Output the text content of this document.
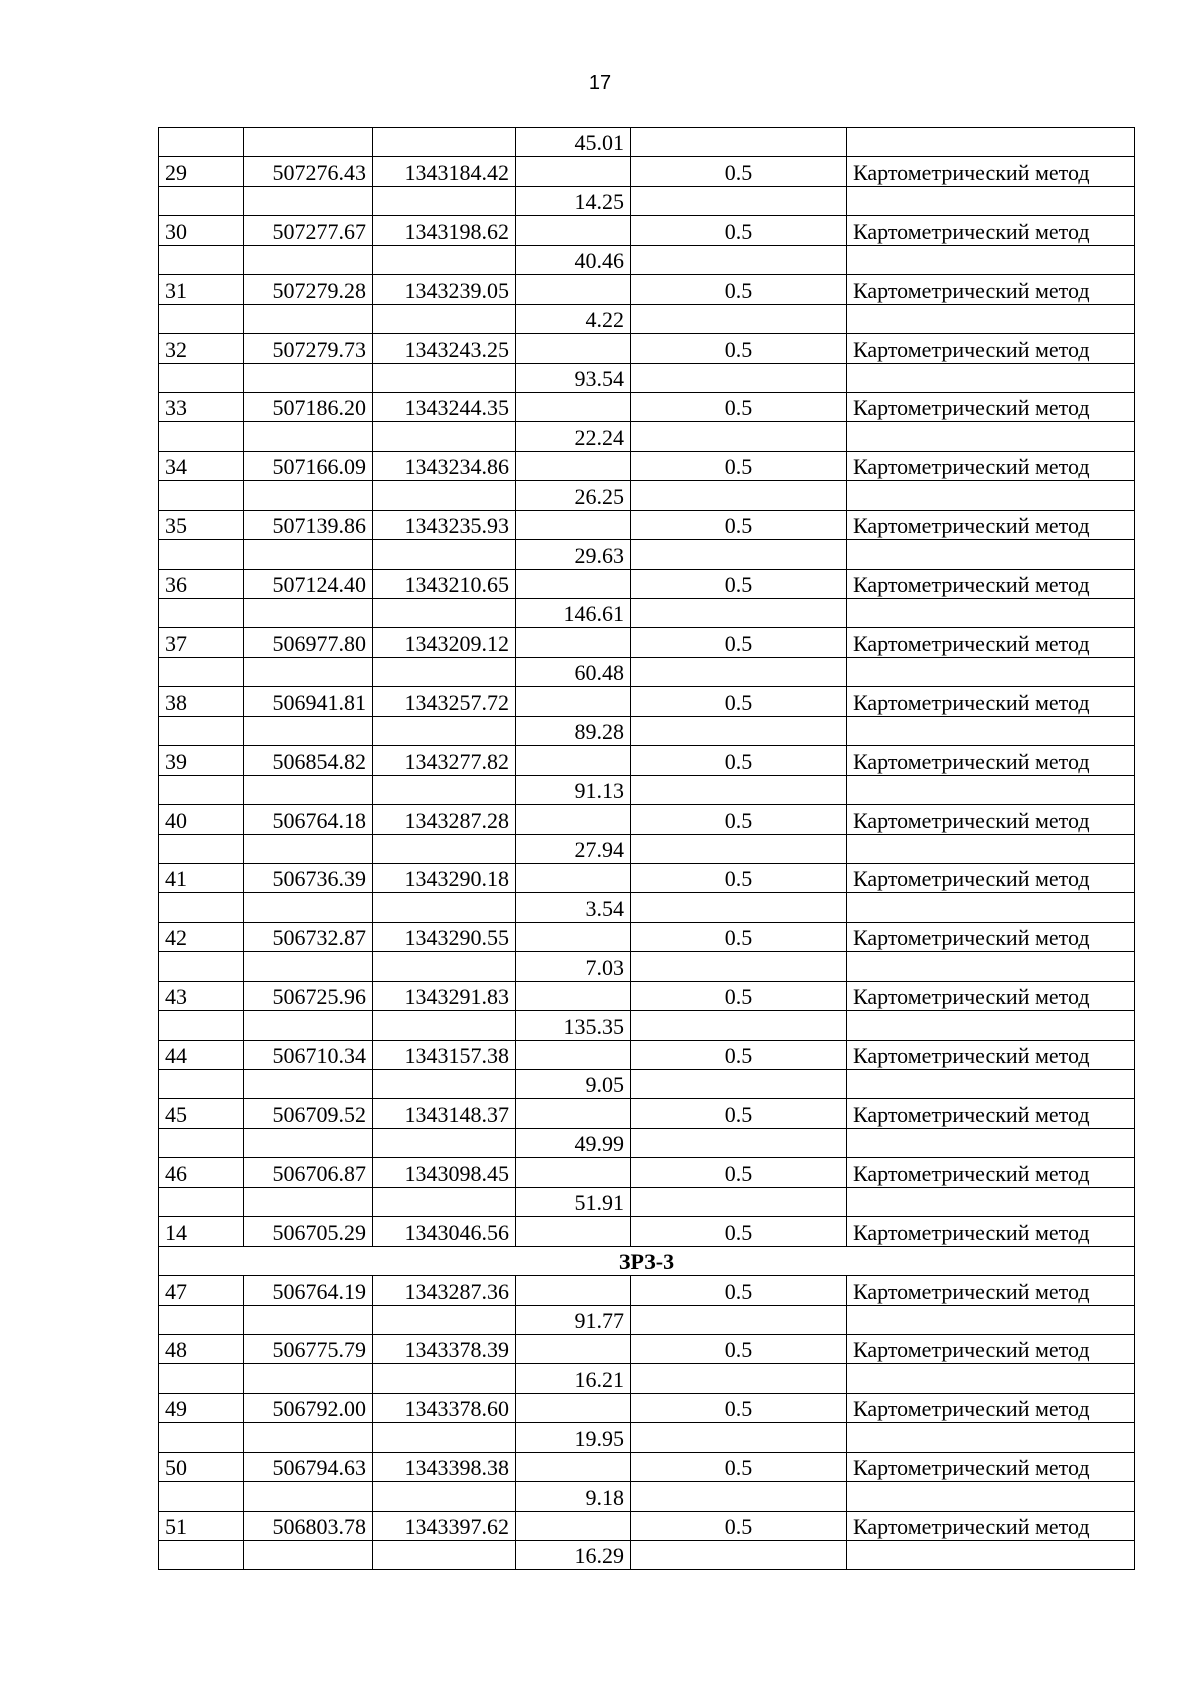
17
			45.01		
29	507276.43	1343184.42		0.5	Картометрический метод
			14.25		
30	507277.67	1343198.62		0.5	Картометрический метод
			40.46		
31	507279.28	1343239.05		0.5	Картометрический метод
			4.22		
32	507279.73	1343243.25		0.5	Картометрический метод
			93.54		
33	507186.20	1343244.35		0.5	Картометрический метод
			22.24		
34	507166.09	1343234.86		0.5	Картометрический метод
			26.25		
35	507139.86	1343235.93		0.5	Картометрический метод
			29.63		
36	507124.40	1343210.65		0.5	Картометрический метод
			146.61		
37	506977.80	1343209.12		0.5	Картометрический метод
			60.48		
38	506941.81	1343257.72		0.5	Картометрический метод
			89.28		
39	506854.82	1343277.82		0.5	Картометрический метод
			91.13		
40	506764.18	1343287.28		0.5	Картометрический метод
			27.94		
41	506736.39	1343290.18		0.5	Картометрический метод
			3.54		
42	506732.87	1343290.55		0.5	Картометрический метод
			7.03		
43	506725.96	1343291.83		0.5	Картометрический метод
			135.35		
44	506710.34	1343157.38		0.5	Картометрический метод
			9.05		
45	506709.52	1343148.37		0.5	Картометрический метод
			49.99		
46	506706.87	1343098.45		0.5	Картометрический метод
			51.91		
14	506705.29	1343046.56		0.5	Картометрический метод
ЗРЗ-3					
47	506764.19	1343287.36		0.5	Картометрический метод
			91.77		
48	506775.79	1343378.39		0.5	Картометрический метод
			16.21		
49	506792.00	1343378.60		0.5	Картометрический метод
			19.95		
50	506794.63	1343398.38		0.5	Картометрический метод
			9.18		
51	506803.78	1343397.62		0.5	Картометрический метод
			16.29		
